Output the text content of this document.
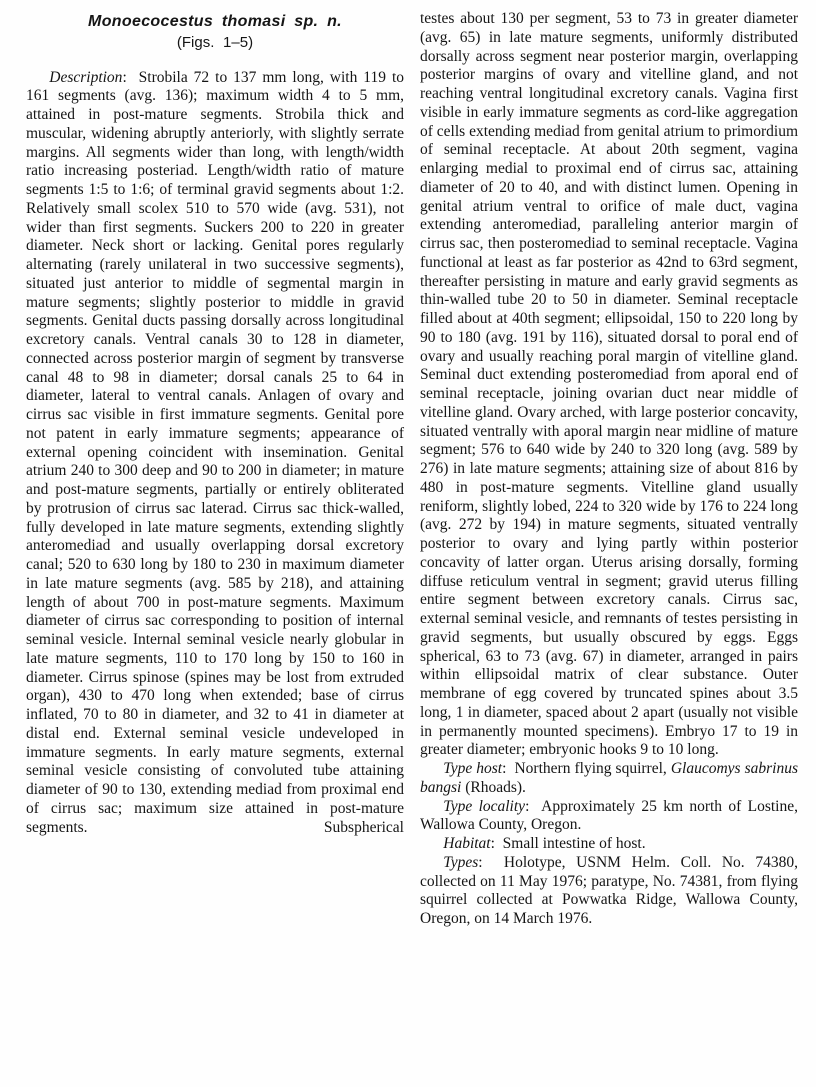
Monoecocestus thomasi sp. n.
(Figs. 1–5)

Description:  Strobila 72 to 137 mm long, with 119 to 161 segments (avg. 136); maximum width 4 to 5 mm, attained in post-mature segments. Strobila thick and muscular, widening abruptly anteriorly, with slightly serrate margins. All segments wider than long, with length/width ratio increasing posteriad. Length/width ratio of mature segments 1:5 to 1:6; of terminal gravid segments about 1:2. Relatively small scolex 510 to 570 wide (avg. 531), not wider than first segments. Suckers 200 to 220 in greater diameter. Neck short or lacking. Genital pores regularly alternating (rarely unilateral in two successive segments), situated just anterior to middle of segmental margin in mature segments; slightly posterior to middle in gravid segments. Genital ducts passing dorsally across longitudinal excretory canals. Ventral canals 30 to 128 in diameter, connected across posterior margin of segment by transverse canal 48 to 98 in diameter; dorsal canals 25 to 64 in diameter, lateral to ventral canals. Anlagen of ovary and cirrus sac visible in first immature segments. Genital pore not patent in early immature segments; appearance of external opening coincident with insemination. Genital atrium 240 to 300 deep and 90 to 200 in diameter; in mature and post-mature segments, partially or entirely obliterated by protrusion of cirrus sac laterad. Cirrus sac thick-walled, fully developed in late mature segments, extending slightly anteromediad and usually overlapping dorsal excretory canal; 520 to 630 long by 180 to 230 in maximum diameter in late mature segments (avg. 585 by 218), and attaining length of about 700 in post-mature segments. Maximum diameter of cirrus sac corresponding to position of internal seminal vesicle. Internal seminal vesicle nearly globular in late mature segments, 110 to 170 long by 150 to 160 in diameter. Cirrus spinose (spines may be lost from extruded organ), 430 to 470 long when extended; base of cirrus inflated, 70 to 80 in diameter, and 32 to 41 in diameter at distal end. External seminal vesicle undeveloped in immature segments. In early mature segments, external seminal vesicle consisting of convoluted tube attaining diameter of 90 to 130, extending mediad from proximal end of cirrus sac; maximum size attained in post-mature segments. Subspherical

testes about 130 per segment, 53 to 73 in greater diameter (avg. 65) in late mature segments, uniformly distributed dorsally across segment near posterior margin, overlapping posterior margins of ovary and vitelline gland, and not reaching ventral longitudinal excretory canals. Vagina first visible in early immature segments as cord-like aggregation of cells extending mediad from genital atrium to primordium of seminal receptacle. At about 20th segment, vagina enlarging medial to proximal end of cirrus sac, attaining diameter of 20 to 40, and with distinct lumen. Opening in genital atrium ventral to orifice of male duct, vagina extending anteromediad, paralleling anterior margin of cirrus sac, then posteromediad to seminal receptacle. Vagina functional at least as far posterior as 42nd to 63rd segment, thereafter persisting in mature and early gravid segments as thin-walled tube 20 to 50 in diameter. Seminal receptacle filled about at 40th segment; ellipsoidal, 150 to 220 long by 90 to 180 (avg. 191 by 116), situated dorsal to poral end of ovary and usually reaching poral margin of vitelline gland. Seminal duct extending posteromediad from aporal end of seminal receptacle, joining ovarian duct near middle of vitelline gland. Ovary arched, with large posterior concavity, situated ventrally with aporal margin near midline of mature segment; 576 to 640 wide by 240 to 320 long (avg. 589 by 276) in late mature segments; attaining size of about 816 by 480 in post-mature segments. Vitelline gland usually reniform, slightly lobed, 224 to 320 wide by 176 to 224 long (avg. 272 by 194) in mature segments, situated ventrally posterior to ovary and lying partly within posterior concavity of latter organ. Uterus arising dorsally, forming diffuse reticulum ventral in segment; gravid uterus filling entire segment between excretory canals. Cirrus sac, external seminal vesicle, and remnants of testes persisting in gravid segments, but usually obscured by eggs. Eggs spherical, 63 to 73 (avg. 67) in diameter, arranged in pairs within ellipsoidal matrix of clear substance. Outer membrane of egg covered by truncated spines about 3.5 long, 1 in diameter, spaced about 2 apart (usually not visible in permanently mounted specimens). Embryo 17 to 19 in greater diameter; embryonic hooks 9 to 10 long.

Type host:  Northern flying squirrel, Glaucomys sabrinus bangsi (Rhoads).

Type locality:  Approximately 25 km north of Lostine, Wallowa County, Oregon.

Habitat:  Small intestine of host.

Types:  Holotype, USNM Helm. Coll. No. 74380, collected on 11 May 1976; paratype, No. 74381, from flying squirrel collected at Powwatka Ridge, Wallowa County, Oregon, on 14 March 1976.
